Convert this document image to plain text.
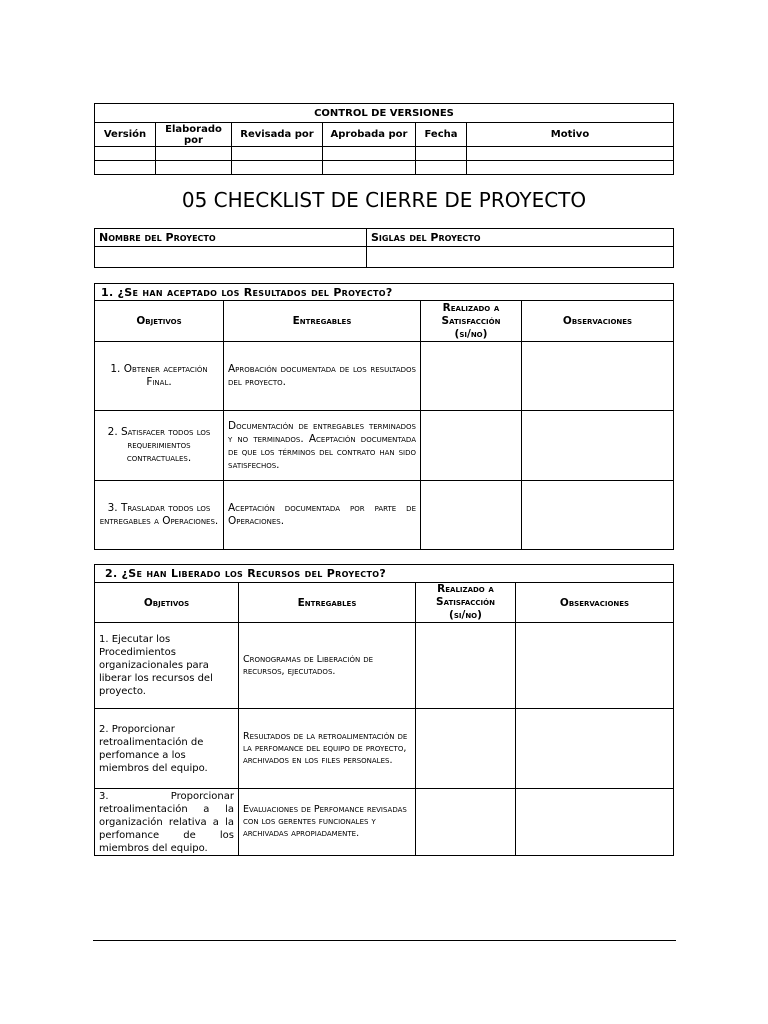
CONTROL DE VERSIONES					
Versión	Elaborado por	Revisada por	Aprobada por	Fecha	Motivo

05 CHECKLIST DE CIERRE DE PROYECTO
Nombre del Proyecto	Siglas del Proyecto

1. ¿Se han aceptado los Resultados del Proyecto?			
Objetivos	Entregables	Realizado a Satisfacción (si/no)	Observaciones
1. Obtener aceptación Final.	Aprobación documentada de los resultados del proyecto.		
2. Satisfacer todos los requerimientos contractuales.	Documentación de entregables terminados y no terminados. Aceptación documentada de que los términos del contrato han sido satisfechos.		
3. Trasladar todos los entregables a Operaciones.	Aceptación documentada por parte de Operaciones.		
2. ¿Se han Liberado los Recursos del Proyecto?			
Objetivos	Entregables	Realizado a Satisfacción (si/no)	Observaciones
1. Ejecutar los Procedimientos organizacionales para liberar los recursos del proyecto.	Cronogramas de Liberación de recursos, ejecutados.		
2. Proporcionar retroalimentación de perfomance a los miembros del equipo.	Resultados de la retroalimentación de la perfomance del equipo de proyecto, archivados en los files personales.		
3. Proporcionar retroalimentación a la organización relativa a la perfomance de los miembros del equipo.	Evaluaciones de Perfomance revisadas con los gerentes funcionales y archivadas apropiadamente.		
